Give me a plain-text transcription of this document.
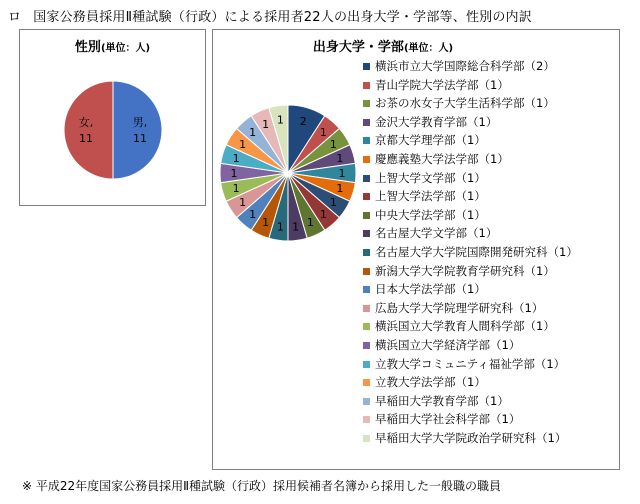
ロ 国家公務員採用Ⅱ種試験（行政）による採用者22人の出身大学・学部等、性別の内訳
性別(単位：人)
男,
11
女,
11
出身大学・学部(単位：人)
2
1
1
1
1
1
1
1
1
1
1
1
1
1
1
1
1
1
1
1 1
横浜市立大学国際総合科学部（2）
青山学院大学法学部（1）
お茶の水女子大学生活科学部（1）
金沢大学教育学部（1）
京都大学理学部（1）
慶應義塾大学法学部（1）
上智大学文学部（1）
上智大学法学部（1）
中央大学法学部（1）
名古屋大学文学部（1）
名古屋大学大学院国際開発研究科（1）
新潟大学大学院教育学研究科（1）
日本大学法学部（1）
広島大学大学院理学研究科（1）
横浜国立大学教育人間科学部（1）
横浜国立大学経済学部（1）
立教大学コミュニティ福祉学部（1）
立教大学法学部（1）
早稲田大学教育学部（1）
早稲田大学社会科学部（1）
早稲田大学大学院政治学研究科（1）
※ 平成22年度国家公務員採用Ⅱ種試験（行政）採用候補者名簿から採用した一般職の職員
